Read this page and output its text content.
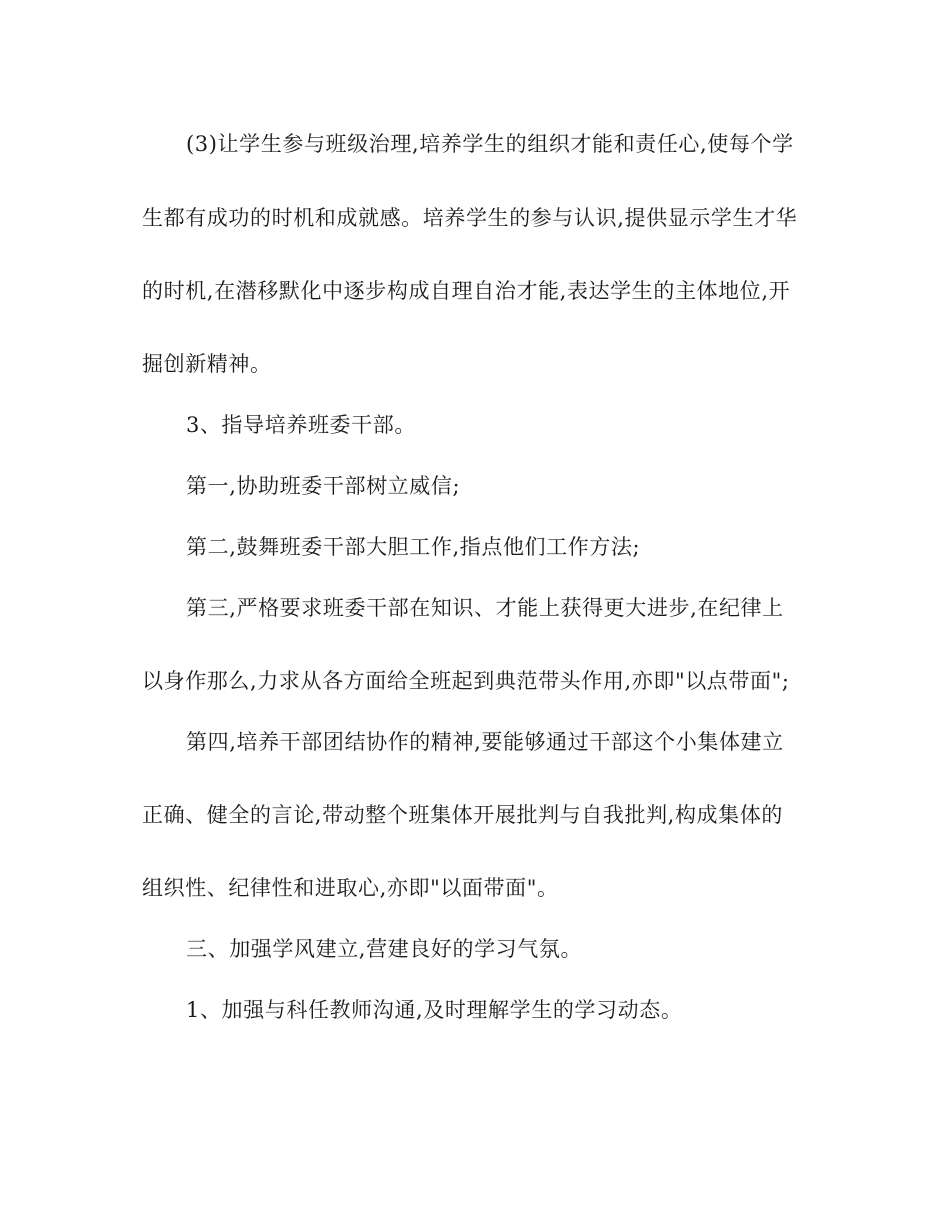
(3)让学生参与班级治理,培养学生的组织才能和责任心,使每个学
生都有成功的时机和成就感。培养学生的参与认识,提供显示学生才华
的时机,在潜移默化中逐步构成自理自治才能,表达学生的主体地位,开
掘创新精神。
3、指导培养班委干部。
第一,协助班委干部树立威信;
第二,鼓舞班委干部大胆工作,指点他们工作方法;
第三,严格要求班委干部在知识、才能上获得更大进步,在纪律上
以身作那么,力求从各方面给全班起到典范带头作用,亦即"以点带面";
第四,培养干部团结协作的精神,要能够通过干部这个小集体建立
正确、健全的言论,带动整个班集体开展批判与自我批判,构成集体的
组织性、纪律性和进取心,亦即"以面带面"。
三、加强学风建立,营建良好的学习气氛。
1、加强与科任教师沟通,及时理解学生的学习动态。
